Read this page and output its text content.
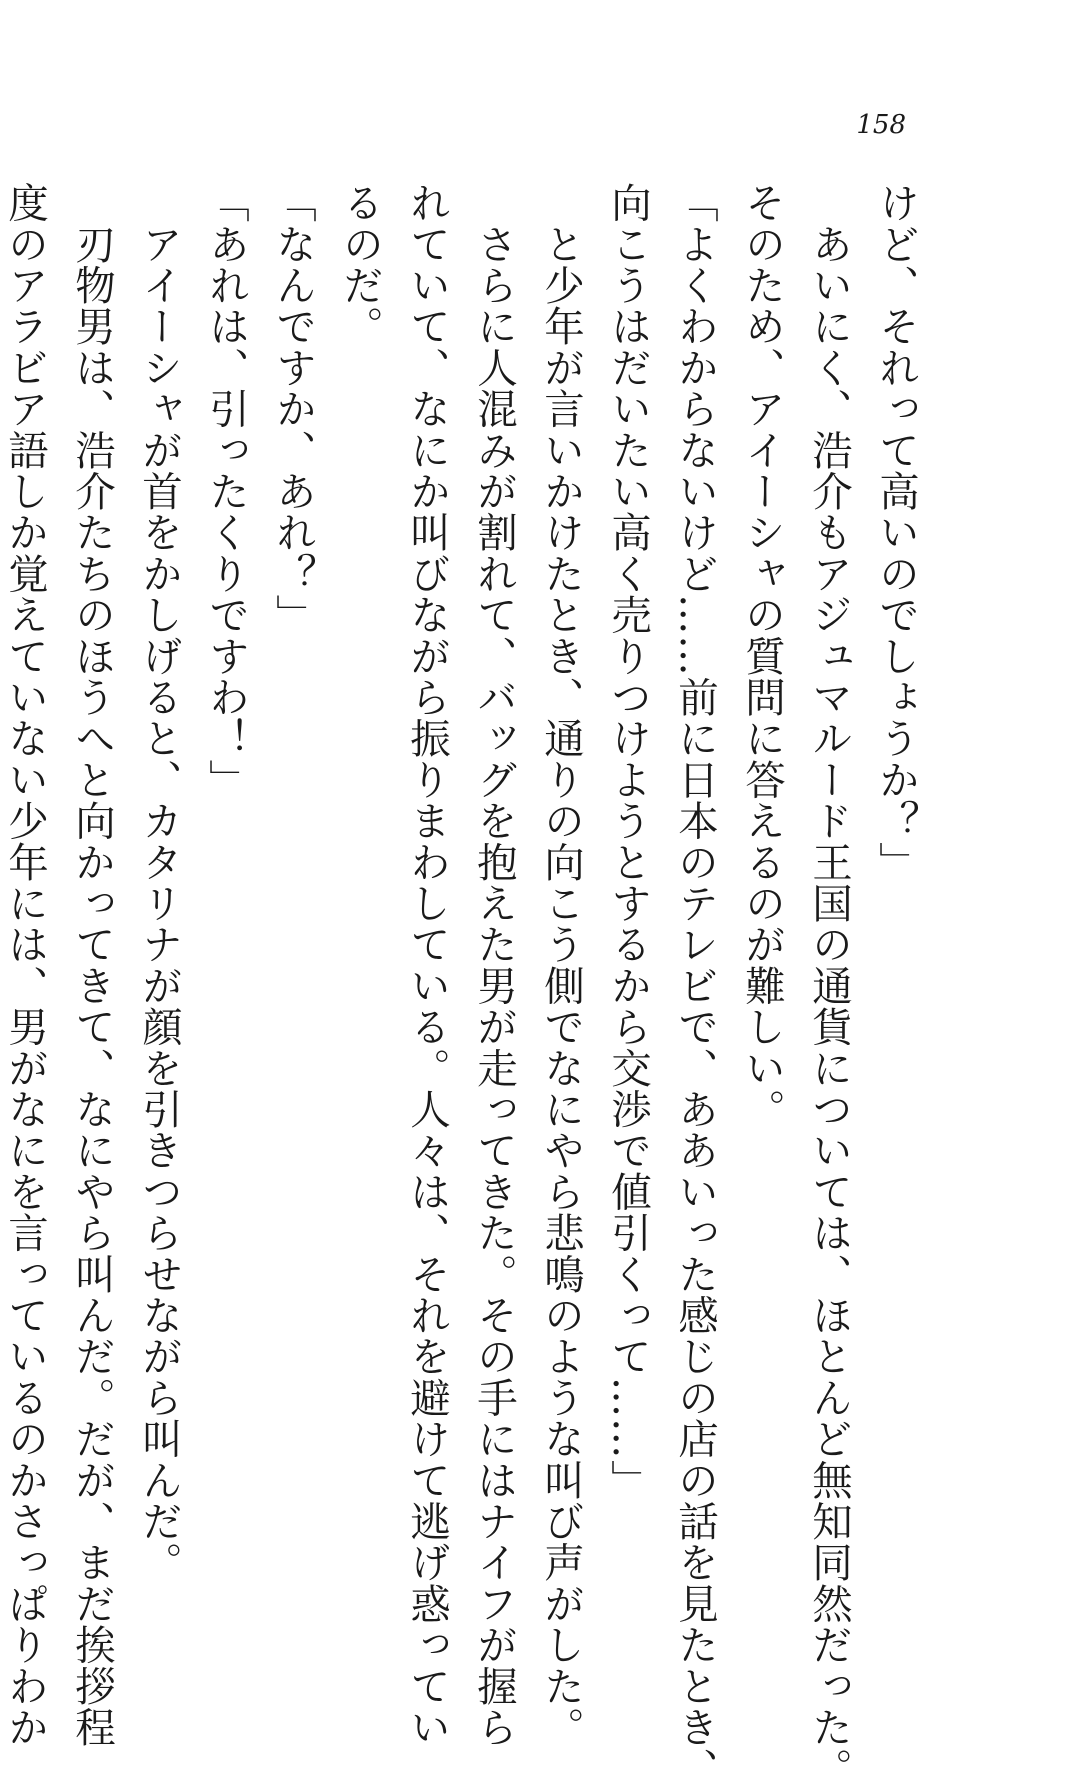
158
けど、それって高いのでしょうか？」
　あいにく、浩介もアジュマルード王国の通貨については、ほとんど無知同然だった。
そのため、アイーシャの質問に答えるのが難しい。
「よくわからないけど……前に日本のテレビで、ああいった感じの店の話を見たとき、
向こうはだいたい高く売りつけようとするから交渉で値引くって……」
　と少年が言いかけたとき、通りの向こう側でなにやら悲鳴のような叫び声がした。
　さらに人混みが割れて、バッグを抱えた男が走ってきた。その手にはナイフが握ら
れていて、なにか叫びながら振りまわしている。人々は、それを避けて逃げ惑ってい
るのだ。
「なんですか、あれ？」
「あれは、引ったくりですわ！」
　アイーシャが首をかしげると、カタリナが顔を引きつらせながら叫んだ。
　刃物男は、浩介たちのほうへと向かってきて、なにやら叫んだ。だが、まだ挨拶程
度のアラビア語しか覚えていない少年には、男がなにを言っているのかさっぱりわか
